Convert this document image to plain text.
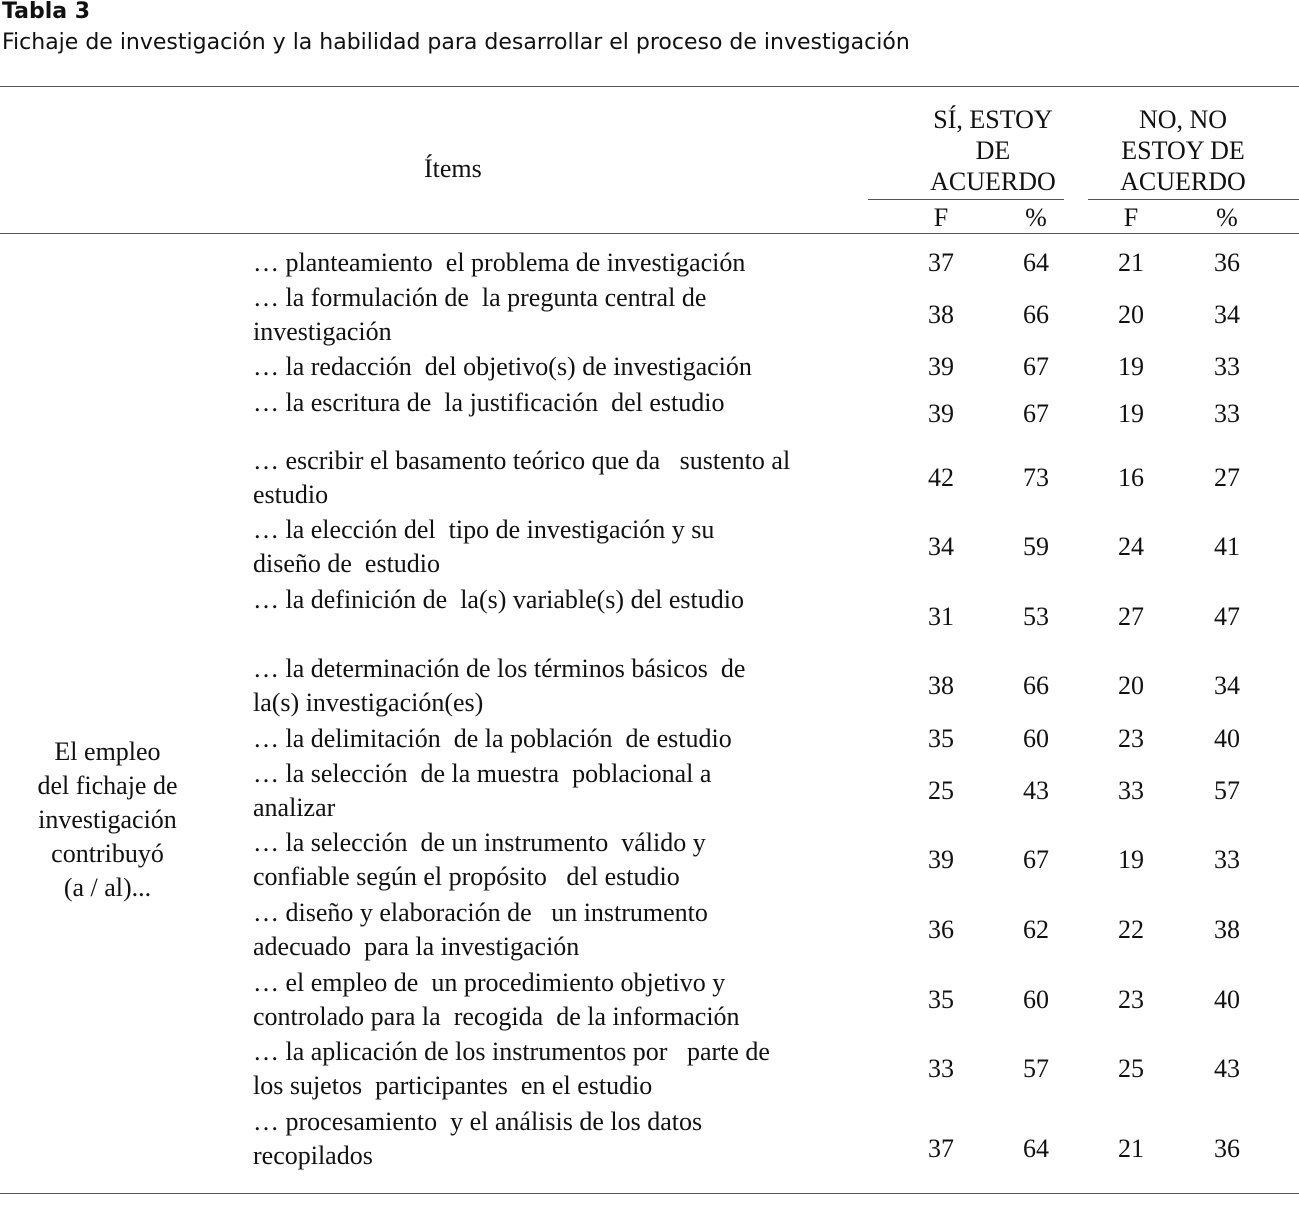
Tabla 3
Fichaje de investigación y la habilidad para desarrollar el proceso de investigación
Ítems
SÍ, ESTOY
DE
ACUERDO
NO, NO
ESTOY DE
ACUERDO
F	%	F	%
El empleo
del fichaje de
investigación
contribuyó
(a / al)...
… planteamiento  el problema de investigación	37	64	21	36
… la formulación de  la pregunta central de
investigación
38	66	20	34
… la redacción  del objetivo(s) de investigación	39	67	19	33
… la escritura de  la justificación  del estudio	39	67	19	33
… escribir el basamento teórico que da   sustento al
estudio
42	73	16	27
… la elección del  tipo de investigación y su
diseño de  estudio
34	59	24	41
… la definición de  la(s) variable(s) del estudio
31	53	27	47
… la determinación de los términos básicos  de
la(s) investigación(es)
38	66	20	34
… la delimitación  de la población  de estudio	35	60	23	40
… la selección  de la muestra  poblacional a
analizar
25	43	33	57
… la selección  de un instrumento  válido y
confiable según el propósito   del estudio
39	67	19	33
… diseño y elaboración de   un instrumento
adecuado  para la investigación
36	62	22	38
… el empleo de  un procedimiento objetivo y
controlado para la  recogida  de la información
35	60	23	40
… la aplicación de los instrumentos por   parte de
los sujetos  participantes  en el estudio
33	57	25	43
… procesamiento  y el análisis de los datos
recopilados	37	64	21	36
